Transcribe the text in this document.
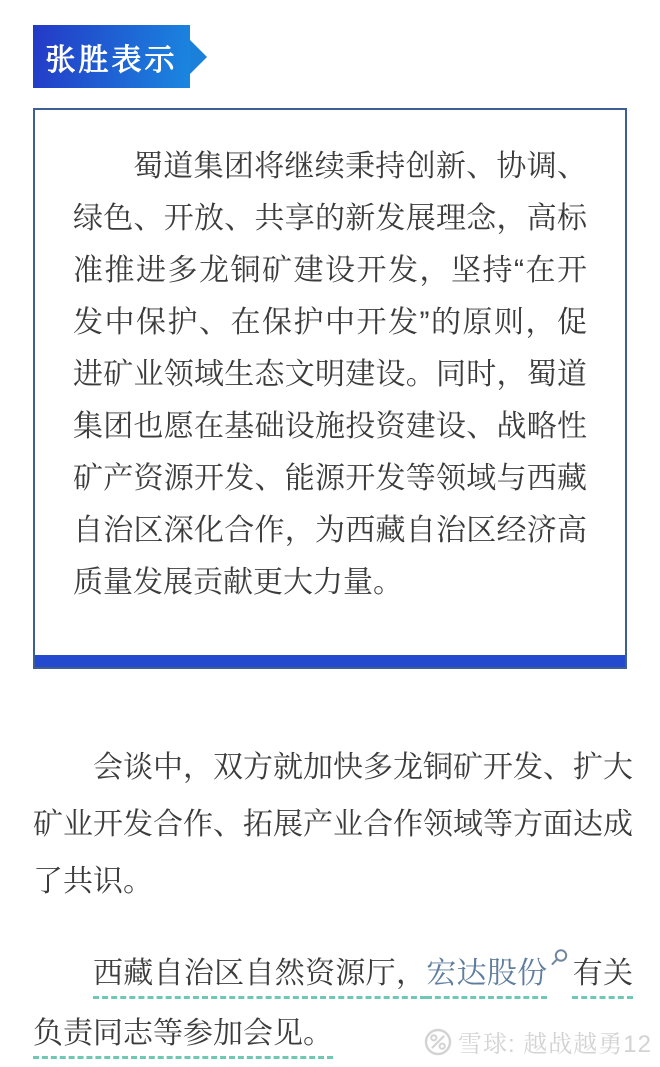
张胜表示

蜀道集团将继续秉持创新、协调、绿色、开放、共享的新发展理念，高标准推进多龙铜矿建设开发，坚持“在开发中保护、在保护中开发”的原则，促进矿业领域生态文明建设。同时，蜀道集团也愿在基础设施投资建设、战略性矿产资源开发、能源开发等领域与西藏自治区深化合作，为西藏自治区经济高质量发展贡献更大力量。

会谈中，双方就加快多龙铜矿开发、扩大矿业开发合作、拓展产业合作领域等方面达成了共识。

西藏自治区自然资源厅，宏达股份 有关负责同志等参加会见。	雪球: 越战越勇12
